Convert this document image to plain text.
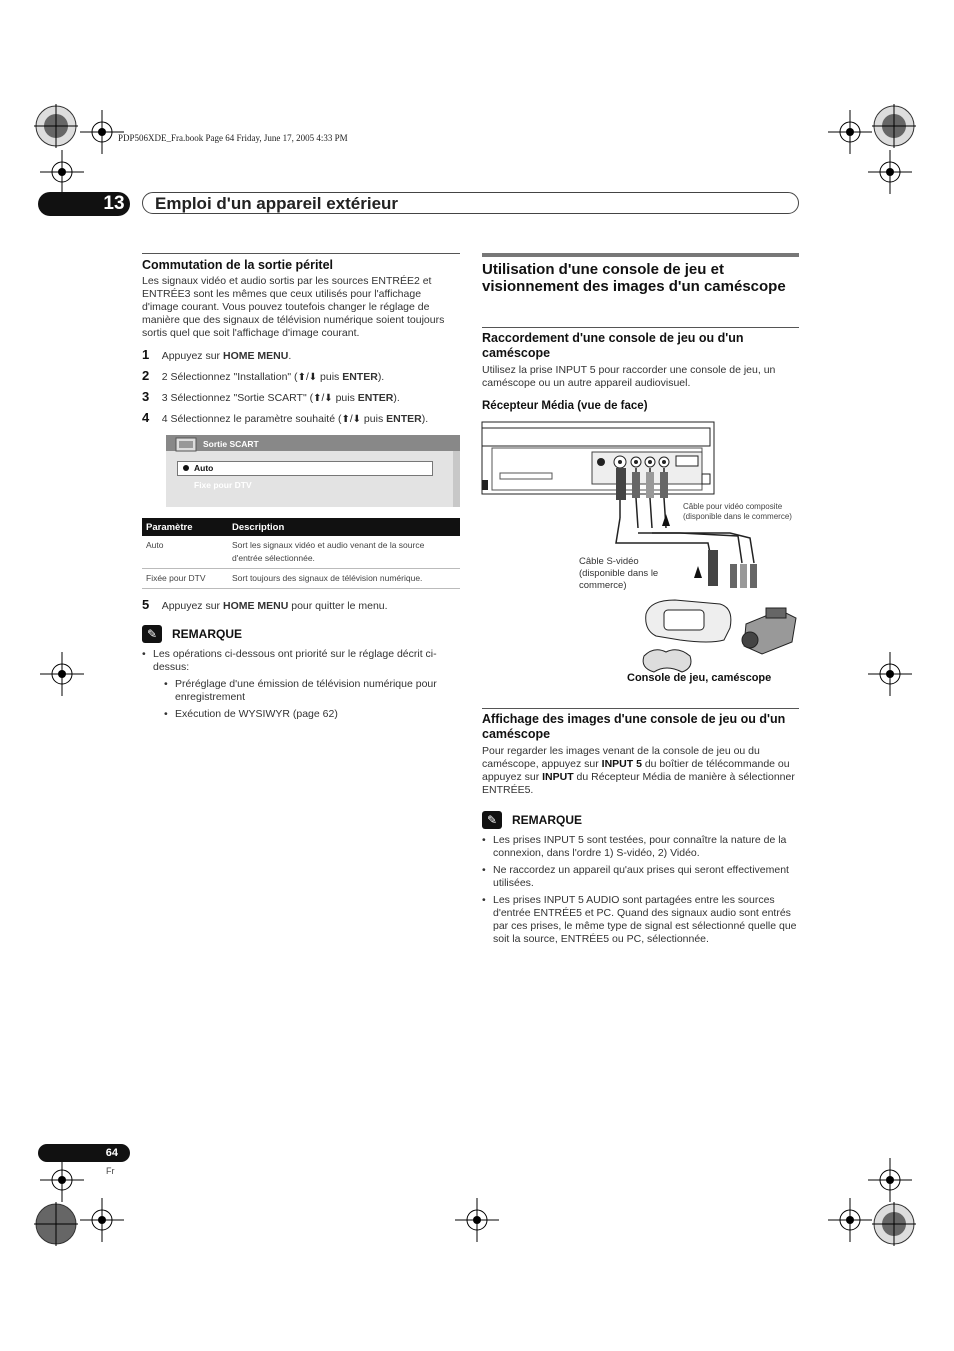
PDP506XDE_Fra.book Page 64 Friday, June 17, 2005 4:33 PM
13	Emploi d'un appareil extérieur
Commutation de la sortie péritel

Les signaux vidéo et audio sortis par les sources ENTRÉE2 et ENTRÉE3 sont les mêmes que ceux utilisés pour l'affichage d'image courant. Vous pouvez toutefois changer le réglage de manière que des signaux de télévision numérique soient toujours sortis quel que soit l'affichage d'image courant.

1 Appuyez sur HOME MENU.
2 2 Sélectionnez "Installation" (⬆/⬇ puis ENTER).
3 3 Sélectionnez "Sortie SCART" (⬆/⬇ puis ENTER).
4 4 Sélectionnez le paramètre souhaité (⬆/⬇ puis ENTER).
Sortie SCART
Auto
Fixe pour DTV
Paramètre	Description
Auto	Sort les signaux vidéo et audio venant de la source d'entrée sélectionnée.
Fixée pour DTV	Sort toujours des signaux de télévision numérique.
5 Appuyez sur HOME MENU pour quitter le menu.
✎	REMARQUE
• Les opérations ci-dessous ont priorité sur le réglage décrit ci-dessus:
• Préréglage d'une émission de télévision numérique pour enregistrement
• Exécution de WYSIWYR (page 62)
Utilisation d'une console de jeu et visionnement des images d'un caméscope
Raccordement d'une console de jeu ou d'un caméscope

Utilisez la prise INPUT 5 pour raccorder une console de jeu, un caméscope ou un autre appareil audiovisuel.

Récepteur Média (vue de face)
Câble pour vidéo composite (disponible dans le commerce)
Câble S-vidéo (disponible dans le commerce)
Console de jeu, caméscope
Affichage des images d'une console de jeu ou d'un caméscope

Pour regarder les images venant de la console de jeu ou du caméscope, appuyez sur INPUT 5 du boîtier de télécommande ou appuyez sur INPUT du Récepteur Média de manière à sélectionner ENTRÉE5.

✎	REMARQUE
• Les prises INPUT 5 sont testées, pour connaître la nature de la connexion, dans l'ordre 1) S-vidéo, 2) Vidéo.
• Ne raccordez un appareil qu'aux prises qui seront effectivement utilisées.
• Les prises INPUT 5 AUDIO sont partagées entre les sources d'entrée ENTRÉE5 et PC. Quand des signaux audio sont entrés par ces prises, le même type de signal est sélectionné quelle que soit la source, ENTRÉE5 ou PC, sélectionnée.
64
Fr
